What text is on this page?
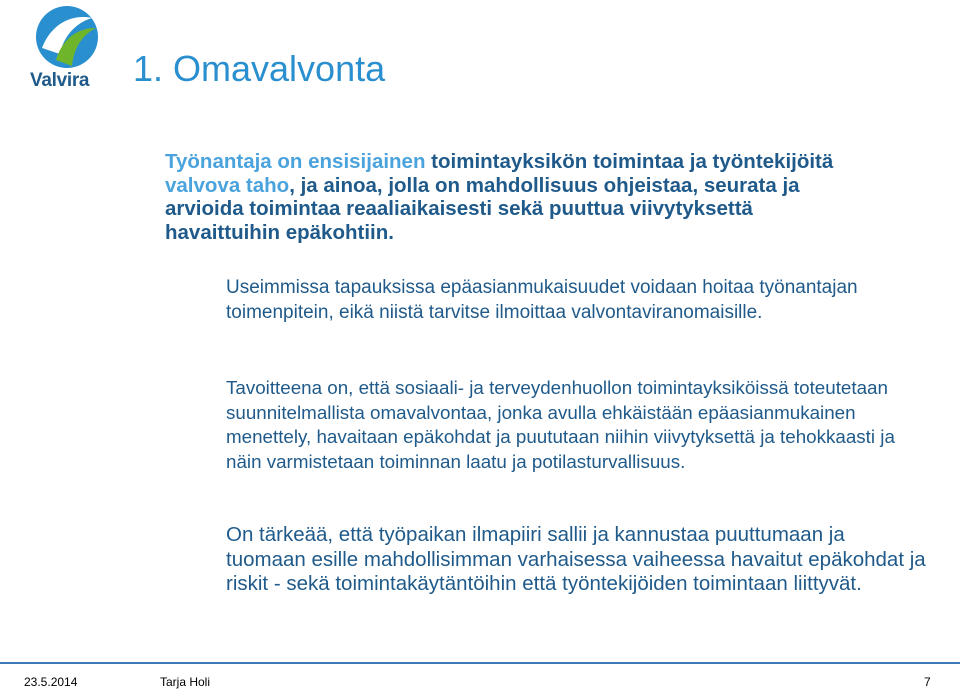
Valvira 1. Omavalvonta
Työnantaja on ensisijainen toimintayksikön toimintaa ja työntekijöitä valvova taho, ja ainoa, jolla on mahdollisuus ohjeistaa, seurata ja arvioida toimintaa reaaliaikaisesti sekä puuttua viivytyksettä havaittuihin epäkohtiin.
Useimmissa tapauksissa epäasianmukaisuudet voidaan hoitaa työnantajan toimenpitein, eikä niistä tarvitse ilmoittaa valvontaviranomaisille.
Tavoitteena on, että sosiaali- ja terveydenhuollon toimintayksiköissä toteutetaan suunnitelmallista omavalvontaa, jonka avulla ehkäistään epäasianmukainen menettely, havaitaan epäkohdat ja puututaan niihin viivytyksettä ja tehokkaasti ja näin varmistetaan toiminnan laatu ja potilasturvallisuus.
On tärkeää, että työpaikan ilmapiiri sallii ja kannustaa puuttumaan ja tuomaan esille mahdollisimman varhaisessa vaiheessa havaitut epäkohdat ja riskit - sekä toimintakäytäntöihin että työntekijöiden toimintaan liittyvät.
23.5.2014	Tarja Holi	7
